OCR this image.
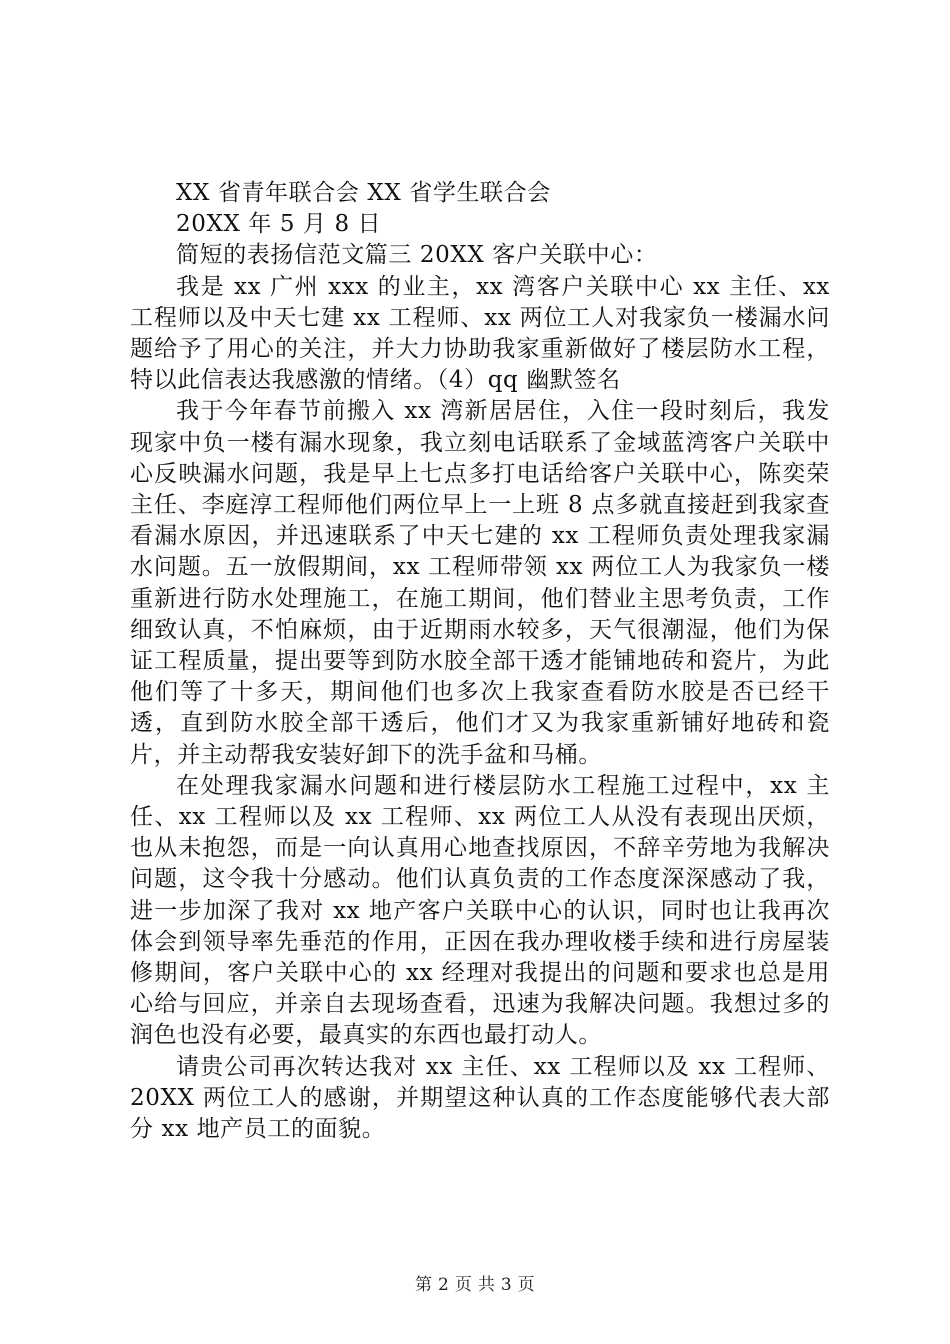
XX 省青年联合会 XX 省学生联合会

20XX 年 5 月 8 日

简短的表扬信范文篇三 20XX 客户关联中心：

我是 xx 广州 xxx 的业主，xx 湾客户关联中心 xx 主任、xx 工程师以及中天七建 xx 工程师、xx 两位工人对我家负一楼漏水问题给予了用心的关注，并大力协助我家重新做好了楼层防水工程，特以此信表达我感激的情绪。（4）qq 幽默签名

我于今年春节前搬入 xx 湾新居居住，入住一段时刻后，我发现家中负一楼有漏水现象，我立刻电话联系了金域蓝湾客户关联中心反映漏水问题，我是早上七点多打电话给客户关联中心，陈奕荣主任、李庭淳工程师他们两位早上一上班 8 点多就直接赶到我家查看漏水原因，并迅速联系了中天七建的 xx 工程师负责处理我家漏水问题。五一放假期间，xx 工程师带领 xx 两位工人为我家负一楼重新进行防水处理施工，在施工期间，他们替业主思考负责，工作细致认真，不怕麻烦，由于近期雨水较多，天气很潮湿，他们为保证工程质量，提出要等到防水胶全部干透才能铺地砖和瓷片，为此他们等了十多天，期间他们也多次上我家查看防水胶是否已经干透，直到防水胶全部干透后，他们才又为我家重新铺好地砖和瓷片，并主动帮我安装好卸下的洗手盆和马桶。

在处理我家漏水问题和进行楼层防水工程施工过程中，xx 主任、xx 工程师以及 xx 工程师、xx 两位工人从没有表现出厌烦，也从未抱怨，而是一向认真用心地查找原因，不辞辛劳地为我解决问题，这令我十分感动。他们认真负责的工作态度深深感动了我，进一步加深了我对 xx 地产客户关联中心的认识，同时也让我再次体会到领导率先垂范的作用，正因在我办理收楼手续和进行房屋装修期间，客户关联中心的 xx 经理对我提出的问题和要求也总是用心给与回应，并亲自去现场查看，迅速为我解决问题。我想过多的润色也没有必要，最真实的东西也最打动人。

请贵公司再次转达我对 xx 主任、xx 工程师以及 xx 工程师、20XX 两位工人的感谢，并期望这种认真的工作态度能够代表大部分 xx 地产员工的面貌。

第 2 页 共 3 页
